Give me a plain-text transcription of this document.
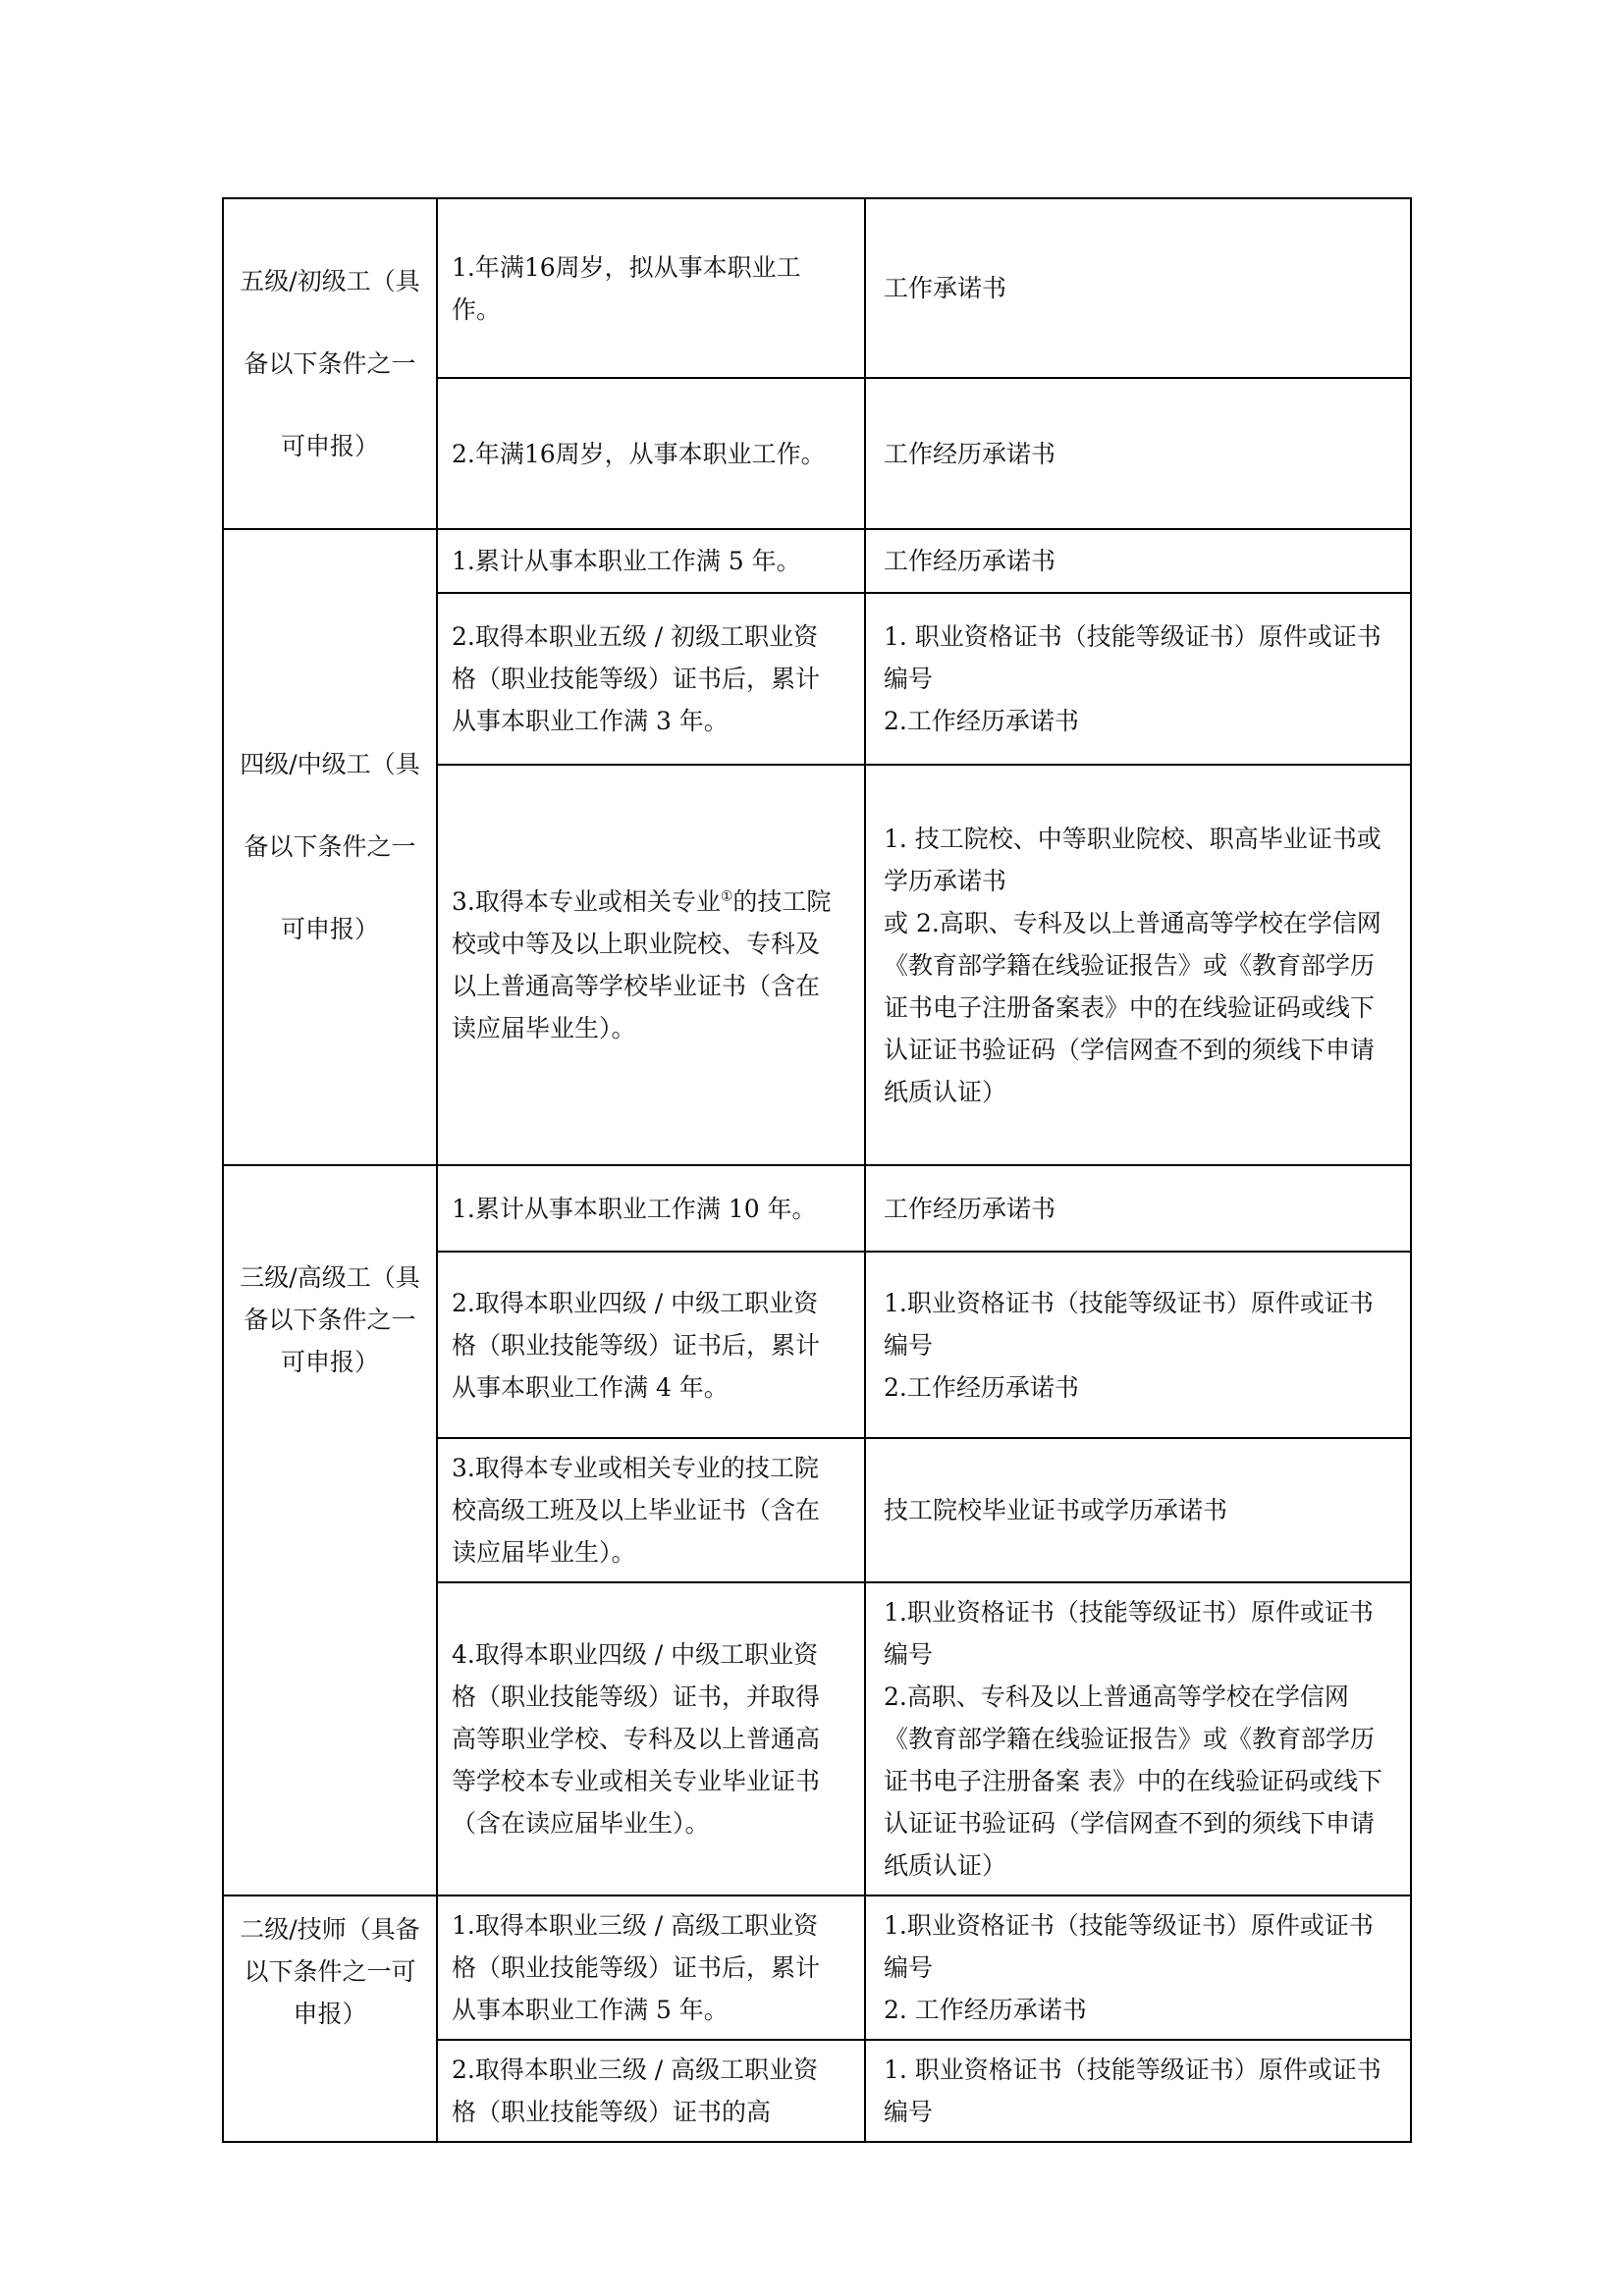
五级/初级工（具备以下条件之一可申报）	1.年满16周岁，拟从事本职业工作。	工作承诺书

	2.年满16周岁，从事本职业工作。	工作经历承诺书

四级/中级工（具备以下条件之一可申报）	1.累计从事本职业工作满 5 年。	工作经历承诺书

	2.取得本职业五级 / 初级工职业资格（职业技能等级）证书后，累计从事本职业工作满 3 年。	1. 职业资格证书（技能等级证书）原件或证书编号
2.工作经历承诺书

	3.取得本专业或相关专业①的技工院校或中等及以上职业院校、专科及以上普通高等学校毕业证书（含在读应届毕业生）。	1. 技工院校、中等职业院校、职高毕业证书或学历承诺书
或 2.高职、专科及以上普通高等学校在学信网《教育部学籍在线验证报告》或《教育部学历证书电子注册备案表》中的在线验证码或线下认证证书验证码（学信网查不到的须线下申请纸质认证）

三级/高级工（具备以下条件之一可申报）	1.累计从事本职业工作满 10 年。	工作经历承诺书

	2.取得本职业四级 / 中级工职业资格（职业技能等级）证书后，累计从事本职业工作满 4 年。	1.职业资格证书（技能等级证书）原件或证书编号
2.工作经历承诺书

	3.取得本专业或相关专业的技工院校高级工班及以上毕业证书（含在读应届毕业生）。	技工院校毕业证书或学历承诺书

	4.取得本职业四级 / 中级工职业资格（职业技能等级）证书，并取得高等职业学校、专科及以上普通高等学校本专业或相关专业毕业证书（含在读应届毕业生）。	1.职业资格证书（技能等级证书）原件或证书编号
2.高职、专科及以上普通高等学校在学信网《教育部学籍在线验证报告》或《教育部学历证书电子注册备案 表》中的在线验证码或线下认证证书验证码（学信网查不到的须线下申请纸质认证）

二级/技师（具备以下条件之一可申报）	1.取得本职业三级 / 高级工职业资格（职业技能等级）证书后，累计从事本职业工作满 5 年。	1.职业资格证书（技能等级证书）原件或证书编号
2. 工作经历承诺书

	2.取得本职业三级 / 高级工职业资格（职业技能等级）证书的高	1. 职业资格证书（技能等级证书）原件或证书编号
